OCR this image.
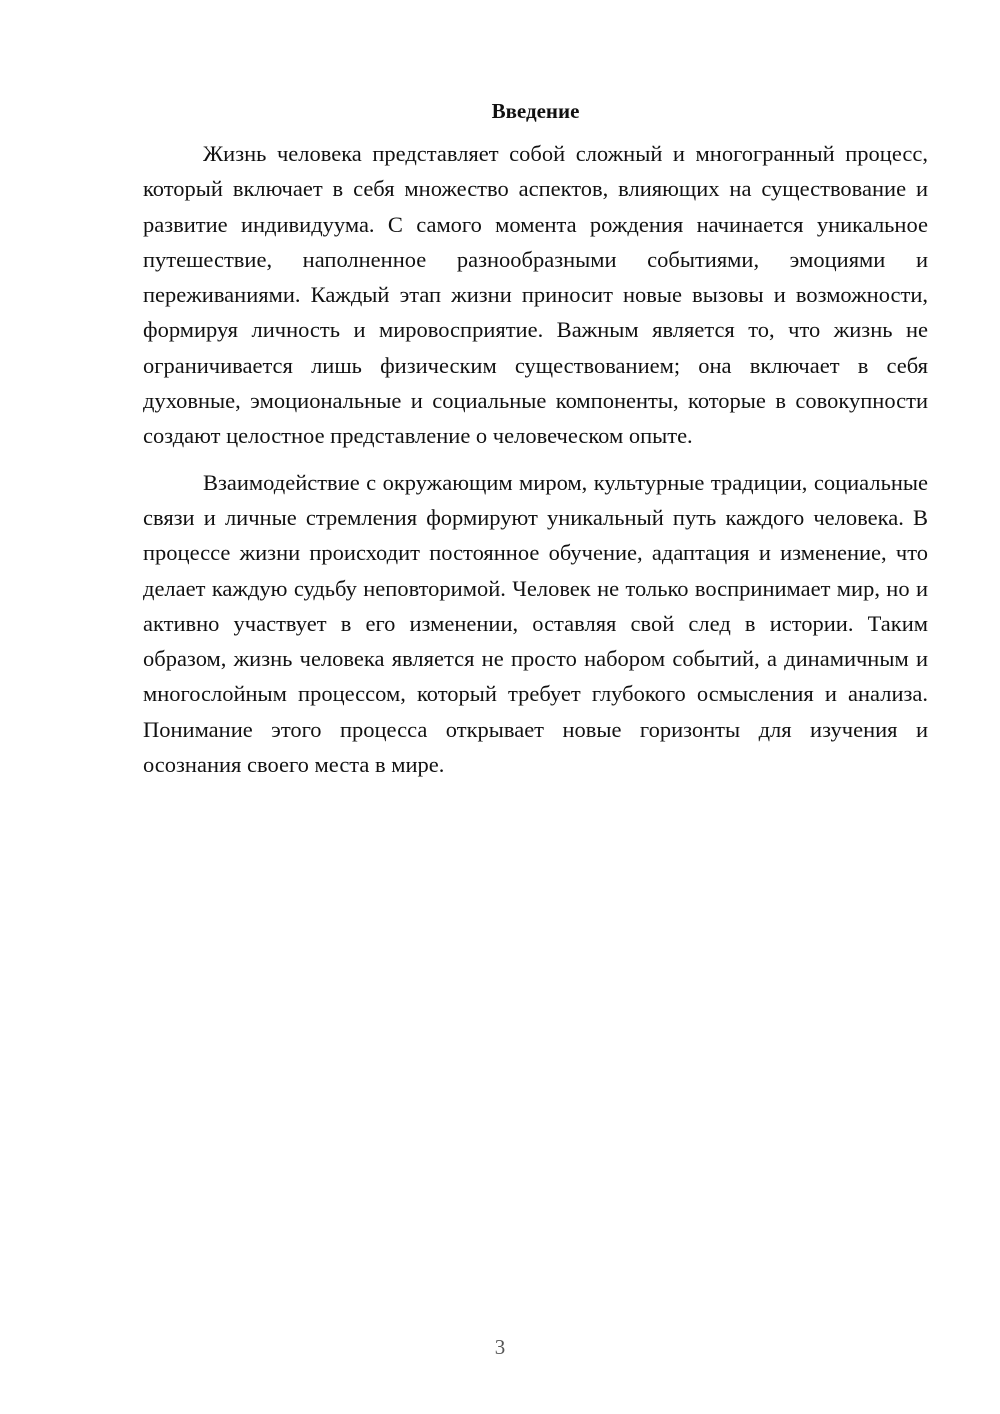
Введение

Жизнь человека представляет собой сложный и многогранный процесс, который включает в себя множество аспектов, влияющих на существование и развитие индивидуума. С самого момента рождения начинается уникальное путешествие, наполненное разнообразными событиями, эмоциями и переживаниями. Каждый этап жизни приносит новые вызовы и возможности, формируя личность и мировосприятие. Важным является то, что жизнь не ограничивается лишь физическим существованием; она включает в себя духовные, эмоциональные и социальные компоненты, которые в совокупности создают целостное представление о человеческом опыте.

Взаимодействие с окружающим миром, культурные традиции, социальные связи и личные стремления формируют уникальный путь каждого человека. В процессе жизни происходит постоянное обучение, адаптация и изменение, что делает каждую судьбу неповторимой. Человек не только воспринимает мир, но и активно участвует в его изменении, оставляя свой след в истории. Таким образом, жизнь человека является не просто набором событий, а динамичным и многослойным процессом, который требует глубокого осмысления и анализа. Понимание этого процесса открывает новые горизонты для изучения и осознания своего места в мире.

3
